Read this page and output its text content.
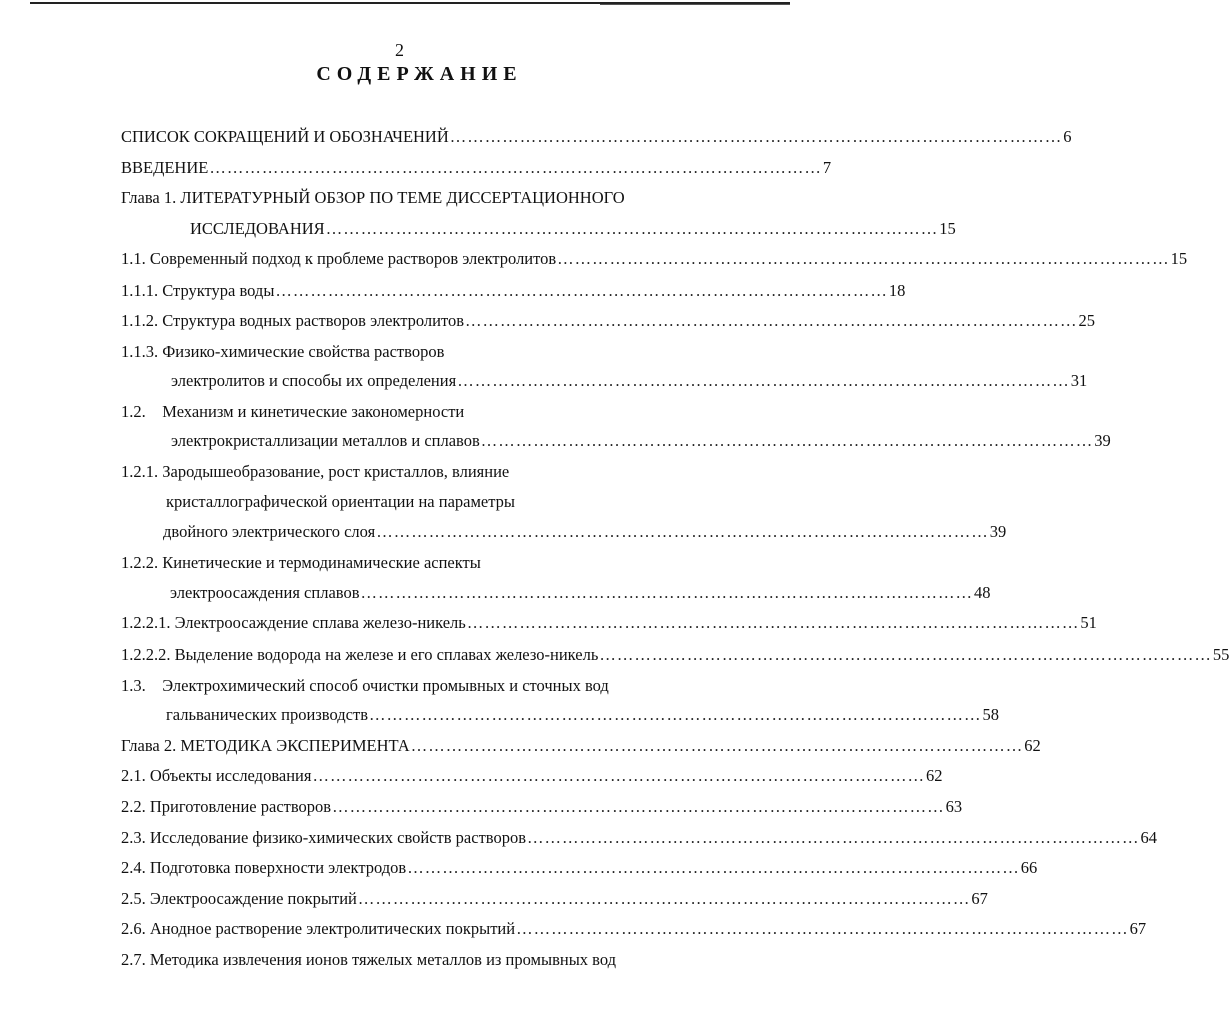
2
СОДЕРЖАНИЕ
СПИСОК СОКРАЩЕНИЙ И ОБОЗНАЧЕНИЙ …………………………………………………………………………………………… 6
ВВЕДЕНИЕ …………………………………………………………………………………………… 7
Глава 1. ЛИТЕРАТУРНЫЙ ОБЗОР ПО ТЕМЕ ДИССЕРТАЦИОННОГО
ИССЛЕДОВАНИЯ …………………………………………………………………………………………… 15
1.1. Современный подход к проблеме растворов электролитов …………………………………………………………………………………………… 15
1.1.1. Структура воды …………………………………………………………………………………………… 18
1.1.2. Структура водных растворов электролитов …………………………………………………………………………………………… 25
1.1.3. Физико-химические свойства растворов
электролитов и способы их определения …………………………………………………………………………………………… 31
1.2.    Механизм и кинетические закономерности
электрокристаллизации металлов и сплавов …………………………………………………………………………………………… 39
1.2.1. Зародышеобразование, рост кристаллов, влияние
кристаллографической ориентации на параметры
двойного электрического слоя …………………………………………………………………………………………… 39
1.2.2. Кинетические и термодинамические аспекты
электроосаждения сплавов …………………………………………………………………………………………… 48
1.2.2.1. Электроосаждение сплава железо-никель …………………………………………………………………………………………… 51
1.2.2.2. Выделение водорода на железе и его сплавах железо-никель …………………………………………………………………………………………… 55
1.3.    Электрохимический способ очистки промывных и сточных вод
гальванических производств …………………………………………………………………………………………… 58
Глава 2. МЕТОДИКА ЭКСПЕРИМЕНТА …………………………………………………………………………………………… 62
2.1. Объекты исследования …………………………………………………………………………………………… 62
2.2. Приготовление растворов …………………………………………………………………………………………… 63
2.3. Исследование физико-химических свойств растворов …………………………………………………………………………………………… 64
2.4. Подготовка поверхности электродов …………………………………………………………………………………………… 66
2.5. Электроосаждение покрытий …………………………………………………………………………………………… 67
2.6. Анодное растворение электролитических покрытий …………………………………………………………………………………………… 67
2.7. Методика извлечения ионов тяжелых металлов из промывных вод
